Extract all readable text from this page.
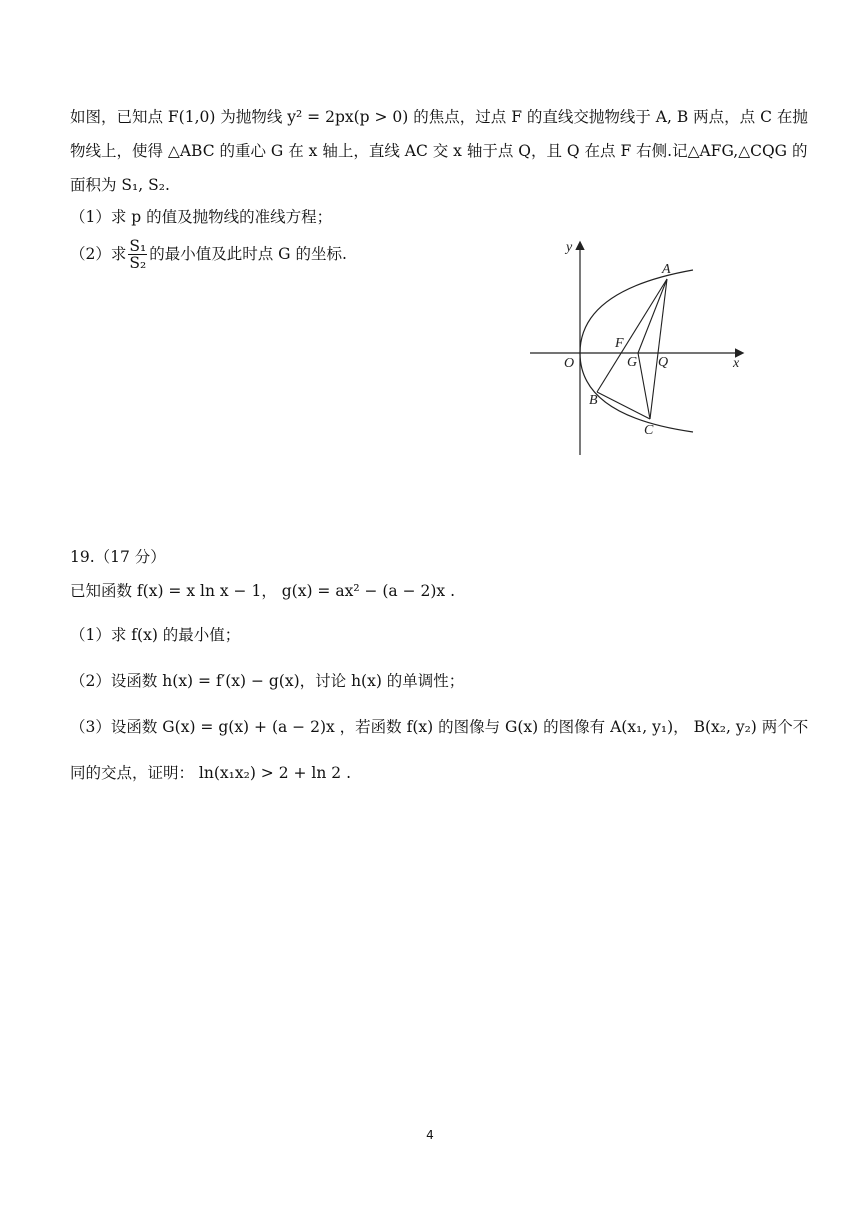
如图，已知点 F(1,0) 为抛物线 y² = 2px(p > 0) 的焦点，过点 F 的直线交抛物线于 A, B 两点，点 C 在抛
物线上，使得 △ABC 的重心 G 在 x 轴上，直线 AC 交 x 轴于点 Q，且 Q 在点 F 右侧.记△AFG,△CQG 的
面积为 S₁, S₂.
（1）求 p 的值及抛物线的准线方程；
（2）求 $\frac{\text{S₁}}{\text{S₂}}$ 的最小值及此时点 G 的坐标.	y
x
O
A
B
C
F
G Q
19.（17 分）
已知函数 f(x) = x ln x − 1， g(x) = ax² − (a − 2)x .
（1）求 f(x) 的最小值；
（2）设函数 h(x) = f′(x) − g(x)，讨论 h(x) 的单调性；
（3）设函数 G(x) = g(x) + (a − 2)x ，若函数 f(x) 的图像与 G(x) 的图像有 A(x₁, y₁)， B(x₂, y₂) 两个不
同的交点，证明： ln(x₁x₂) > 2 + ln 2 .
4
